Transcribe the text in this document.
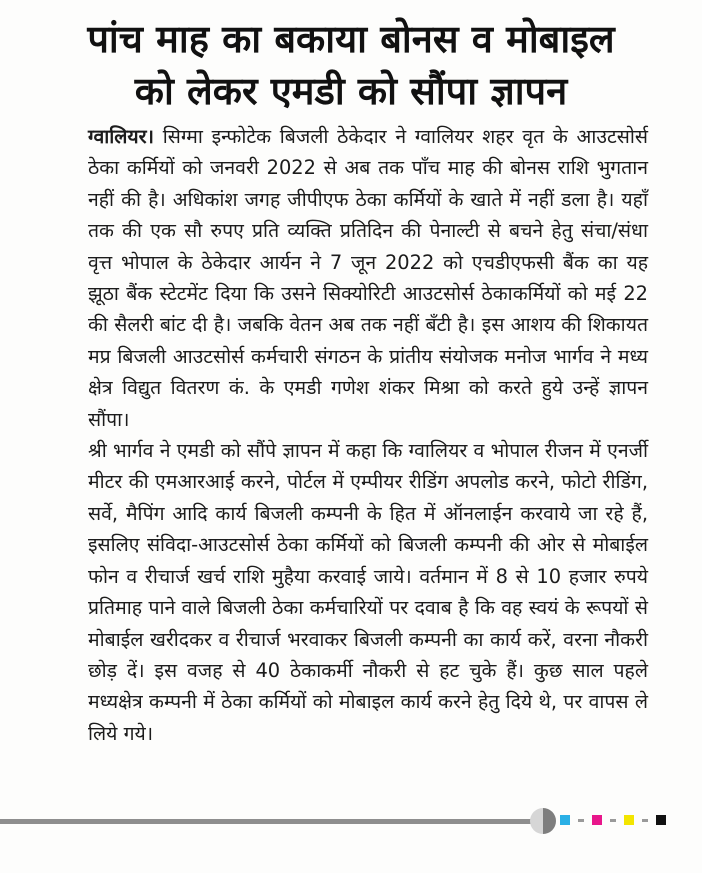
पांच माह का बकाया बोनस व मोबाइल
को लेकर एमडी को सौंपा ज्ञापन

ग्वालियर। सिग्मा इन्फोटेक बिजली ठेकेदार ने ग्वालियर शहर वृत के आउटसोर्स ठेका कर्मियों को जनवरी 2022 से अब तक पाँच माह की बोनस राशि भुगतान नहीं की है। अधिकांश जगह जीपीएफ ठेका कर्मियों के खाते में नहीं डला है। यहाँ तक की एक सौ रुपए प्रति व्यक्ति प्रतिदिन की पेनाल्टी से बचने हेतु संचा/संधा वृत्त भोपाल के ठेकेदार आर्यन ने 7 जून 2022 को एचडीएफसी बैंक का यह झूठा बैंक स्टेटमेंट दिया कि उसने सिक्योरिटी आउटसोर्स ठेकाकर्मियों को मई 22 की सैलरी बांट दी है। जबकि वेतन अब तक नहीं बँटी है। इस आशय की शिकायत मप्र बिजली आउटसोर्स कर्मचारी संगठन के प्रांतीय संयोजक मनोज भार्गव ने मध्य क्षेत्र विद्युत वितरण कं. के एमडी गणेश शंकर मिश्रा को करते हुये उन्हें ज्ञापन सौंपा।

श्री भार्गव ने एमडी को सौंपे ज्ञापन में कहा कि ग्वालियर व भोपाल रीजन में एनर्जी मीटर की एमआरआई करने, पोर्टल में एम्पीयर रीडिंग अपलोड करने, फोटो रीडिंग, सर्वे, मैपिंग आदि कार्य बिजली कम्पनी के हित में ऑनलाईन करवाये जा रहे हैं, इसलिए संविदा-आउटसोर्स ठेका कर्मियों को बिजली कम्पनी की ओर से मोबाईल फोन व रीचार्ज खर्च राशि मुहैया करवाई जाये। वर्तमान में 8 से 10 हजार रुपये प्रतिमाह पाने वाले बिजली ठेका कर्मचारियों पर दवाब है कि वह स्वयं के रूपयों से मोबाईल खरीदकर व रीचार्ज भरवाकर बिजली कम्पनी का कार्य करें, वरना नौकरी छोड़ दें। इस वजह से 40 ठेकाकर्मी नौकरी से हट चुके हैं। कुछ साल पहले मध्यक्षेत्र कम्पनी में ठेका कर्मियों को मोबाइल कार्य करने हेतु दिये थे, पर वापस ले लिये गये।
